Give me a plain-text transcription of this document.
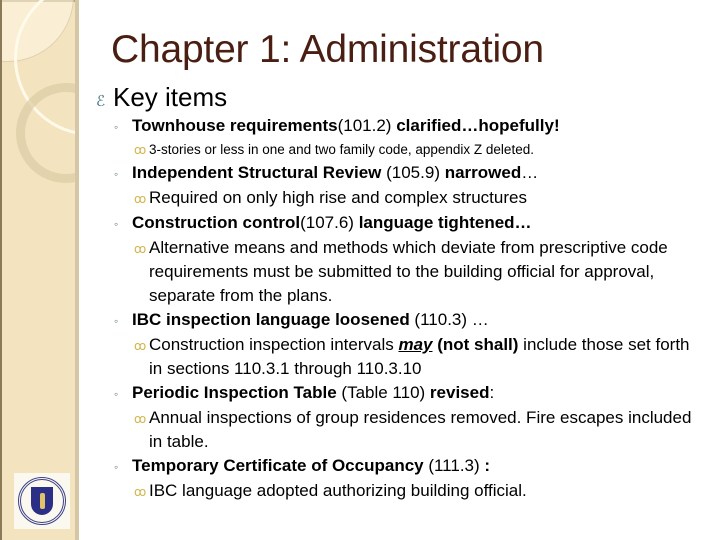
Chapter 1: Administration
ℰ Key items
◦ Townhouse requirements(101.2) clarified…hopefully!
ꝏ 3-stories or less in one and two family code, appendix Z deleted.
◦ Independent Structural Review (105.9) narrowed…
ꝏ Required on only high rise and complex structures
◦ Construction control(107.6) language tightened…
ꝏ Alternative means and methods which deviate from prescriptive code requirements must be submitted to the building official for approval, separate from the plans.
◦ IBC inspection language loosened (110.3) …
ꝏ Construction inspection intervals may (not shall) include those set forth in sections 110.3.1 through 110.3.10
◦ Periodic Inspection Table (Table 110) revised:
ꝏ Annual inspections of group residences removed. Fire escapes included in table.
◦ Temporary Certificate of Occupancy (111.3) :
ꝏ IBC language adopted authorizing building official.
